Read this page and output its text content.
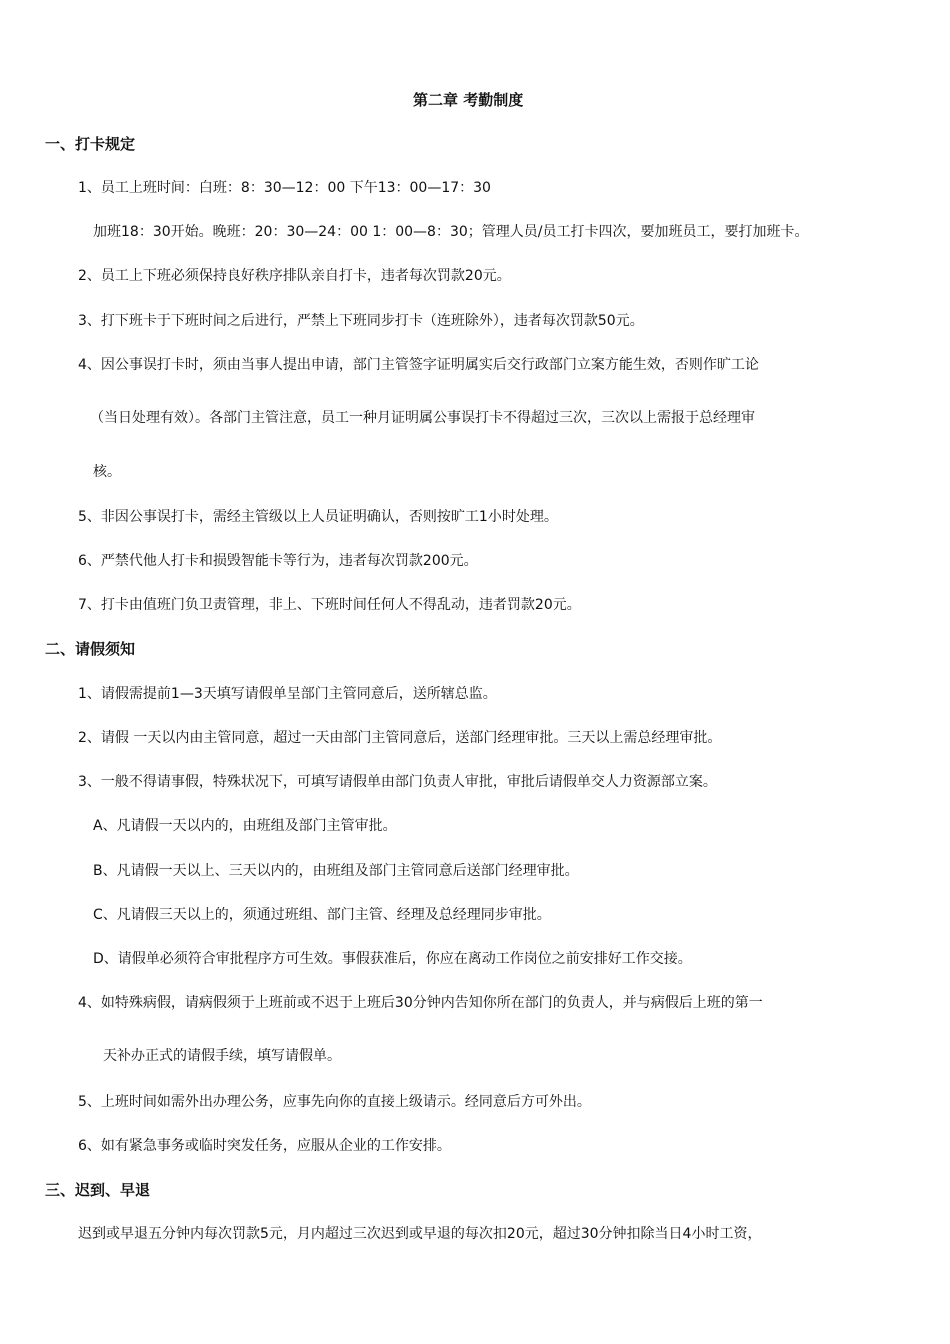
第二章 考勤制度
一、打卡规定
1、员工上班时间：白班：8：30—12：00 下午13：00—17：30
加班18：30开始。晚班：20：30—24：00 1：00—8：30；管理人员/员工打卡四次，要加班员工，要打加班卡。
2、员工上下班必须保持良好秩序排队亲自打卡，违者每次罚款20元。
3、打下班卡于下班时间之后进行，严禁上下班同步打卡（连班除外），违者每次罚款50元。
4、因公事误打卡时，须由当事人提出申请，部门主管签字证明属实后交行政部门立案方能生效，否则作旷工论
（当日处理有效）。各部门主管注意，员工一种月证明属公事误打卡不得超过三次，三次以上需报于总经理审
核。
5、非因公事误打卡，需经主管级以上人员证明确认，否则按旷工1小时处理。
6、严禁代他人打卡和损毁智能卡等行为，违者每次罚款200元。
7、打卡由值班门负卫责管理，非上、下班时间任何人不得乱动，违者罚款20元。
二、请假须知
1、请假需提前1—3天填写请假单呈部门主管同意后，送所辖总监。
2、请假 一天以内由主管同意，超过一天由部门主管同意后，送部门经理审批。三天以上需总经理审批。
3、一般不得请事假，特殊状况下，可填写请假单由部门负责人审批，审批后请假单交人力资源部立案。
A、凡请假一天以内的，由班组及部门主管审批。
B、凡请假一天以上、三天以内的，由班组及部门主管同意后送部门经理审批。
C、凡请假三天以上的，须通过班组、部门主管、经理及总经理同步审批。
D、请假单必须符合审批程序方可生效。事假获准后，你应在离动工作岗位之前安排好工作交接。
4、如特殊病假，请病假须于上班前或不迟于上班后30分钟内告知你所在部门的负责人，并与病假后上班的第一
天补办正式的请假手续，填写请假单。
5、上班时间如需外出办理公务，应事先向你的直接上级请示。经同意后方可外出。
6、如有紧急事务或临时突发任务，应服从企业的工作安排。
三、迟到、早退
迟到或早退五分钟内每次罚款5元，月内超过三次迟到或早退的每次扣20元，超过30分钟扣除当日4小时工资，
